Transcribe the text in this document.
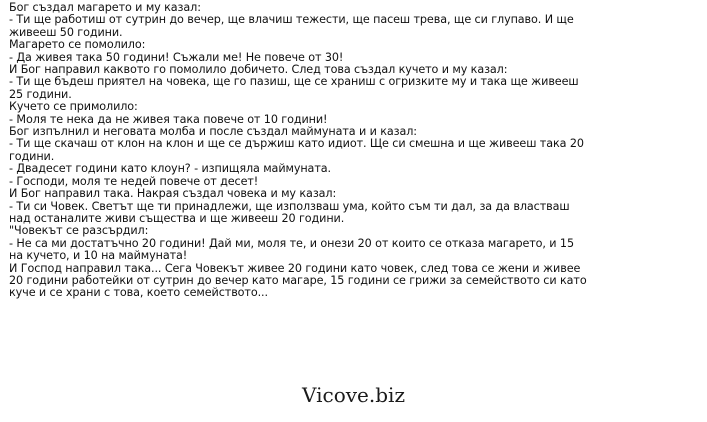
Бог създал магарето и му казал:

- Ти ще работиш от сутрин до вечер, ще влачиш тежести, ще пасеш трева, ще си глупаво. И ще живееш 50 години.

Магарето се помолило:

- Да живея така 50 години! Съжали ме! Не повече от 30!

И Бог направил каквото го помолило добичето. След това създал кучето и му казал:

- Ти ще бъдеш приятел на човека, ще го пазиш, ще се храниш с огризките му и така ще живееш 25 години.

Кучето се примолило:

- Моля те нека да не живея така повече от 10 години!

Бог изпълнил и неговата молба и после създал маймуната и и казал:

- Ти ще скачаш от клон на клон и ще се държиш като идиот. Ще си смешна и ще живееш така 20 години.

- Двадесет години като клоун? - изпищяла маймуната.

- Господи, моля те недей повече от десет!

И Бог направил така. Накрая създал човека и му казал:

- Ти си Човек. Светът ще ти принадлежи, ще използваш ума, който съм ти дал, за да властваш над останалите живи същества и ще живееш 20 години.

"Човекът се разсърдил:

- Не са ми достатъчно 20 години! Дай ми, моля те, и онези 20 от които се отказа магарето, и 15 на кучето, и 10 на маймуната!

И Господ направил така... Сега Човекът живее 20 години като човек, след това се жени и живее 20 години работейки от сутрин до вечер като магаре, 15 години се грижи за семейството си като куче и се храни с това, което семейството...

Vicove.biz
